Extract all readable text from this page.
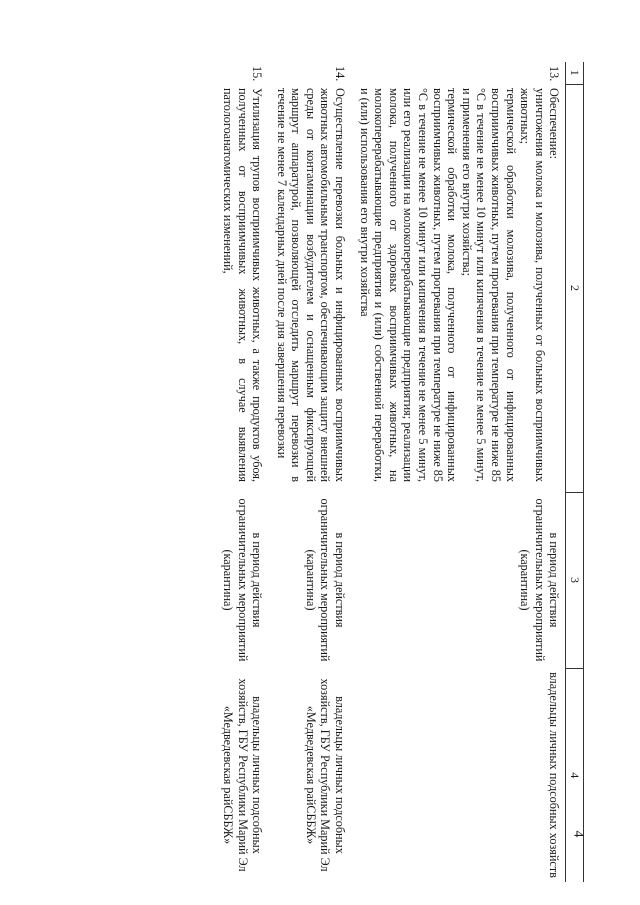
4
1	2	3	4
13.	Обеспечение:

уничтожения молока и молозива, полученных от больных восприимчивых животных;

термической обработки молозива, полученного от инфицированных восприимчивых животных, путем прогревания при температуре не ниже 85 °С в течение не менее 10 минут или кипячения в течение не менее 5 минут, и применения его внутри хозяйства;

термической обработки молока, полученного от инфицированных восприимчивых животных, путем прогревания при температуре не ниже 85 °С в течение не менее 10 минут или кипячения в течение не менее 5 минут, или его реализации на молокоперерабатывающие предприятия; реализации молока, полученного от здоровых восприимчивых животных, на молокоперерабатывающие предприятия и (или) собственной переработки, и (или) использования его внутри хозяйства	в период действия ограничительных мероприятий (карантина)	владельцы личных подсобных хозяйств
14.	Осуществление перевозки больных и инфицированных восприимчивых животных автомобильным транспортом, обеспечивающим защиту внешней среды от контаминации возбудителем и оснащенным фиксирующей маршрут аппаратурой, позволяющей отследить маршрут перевозки в течение не менее 7 календарных дней после дня завершения перевозки	в период действия ограничительных мероприятий (карантина)	владельцы личных подсобных хозяйств, ГБУ Республики Марий Эл «Медведевская райСББЖ»
15.	Утилизация трупов восприимчивых животных, а также продуктов убоя, полученных от восприимчивых животных, в случае выявления патологоанатомических изменений,	в период действия ограничительных мероприятий (карантина)	владельцы личных подсобных хозяйств, ГБУ Республики Марий Эл «Медведевская райСББЖ»
